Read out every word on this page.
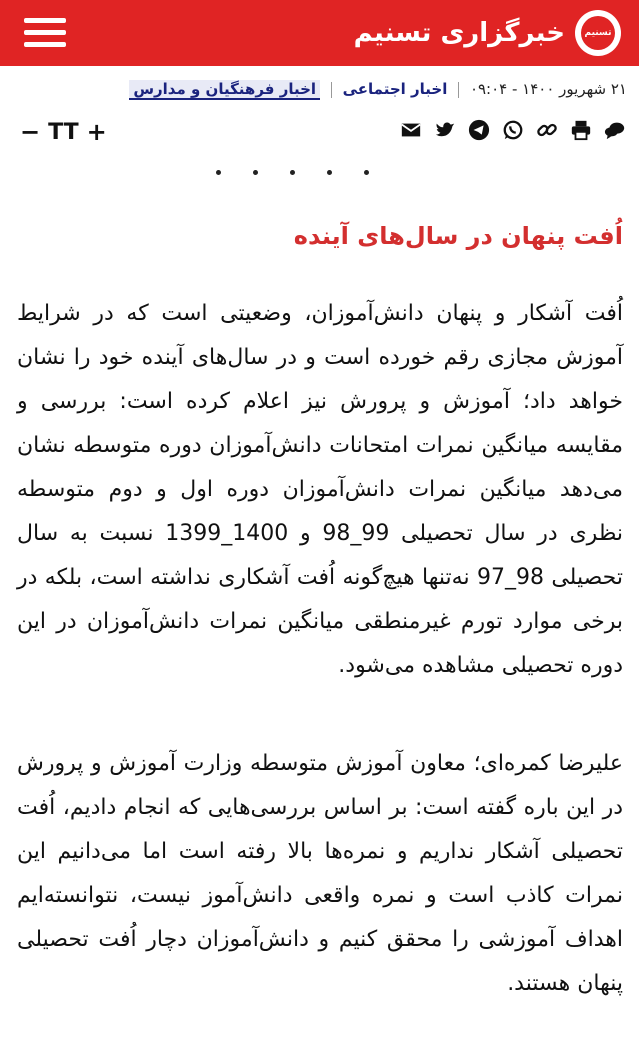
تسنیم
خبرگزاری تسنیم
۲۱ شهریور ۱۴۰۰ - ۰۹:۰۴  اخبار اجتماعی  اخبار فرهنگیان و مدارس
− TT +
اُفت پنهان در سال‌های آینده

اُفت آشکار و پنهان دانش‌آموزان، وضعیتی است که در شرایط آموزش مجازی رقم خورده است و در سال‌های آینده خود را نشان خواهد داد؛ آموزش و پرورش نیز اعلام کرده است: بررسی و مقایسه میانگین نمرات امتحانات دانش‌آموزان دوره متوسطه نشان می‌دهد میانگین نمرات دانش‌آموزان دوره اول و دوم متوسطه نظری در سال تحصیلی 99_98 و 1400_1399 نسبت به سال تحصیلی 98_97 نه‌تنها هیچ‌گونه اُفت آشکاری نداشته است، بلکه در برخی موارد تورم غیرمنطقی میانگین نمرات دانش‌آموزان در این دوره تحصیلی مشاهده می‌شود.

علیرضا کمره‌ای؛ معاون آموزش متوسطه وزارت آموزش و پرورش در این باره گفته است: بر اساس بررسی‌هایی که انجام دادیم، اُفت تحصیلی آشکار نداریم و نمره‌ها بالا رفته است اما می‌دانیم این نمرات کاذب است و نمره واقعی دانش‌آموز نیست، نتوانسته‌ایم اهداف آموزشی را محقق کنیم و دانش‌آموزان دچار اُفت تحصیلی پنهان هستند.
